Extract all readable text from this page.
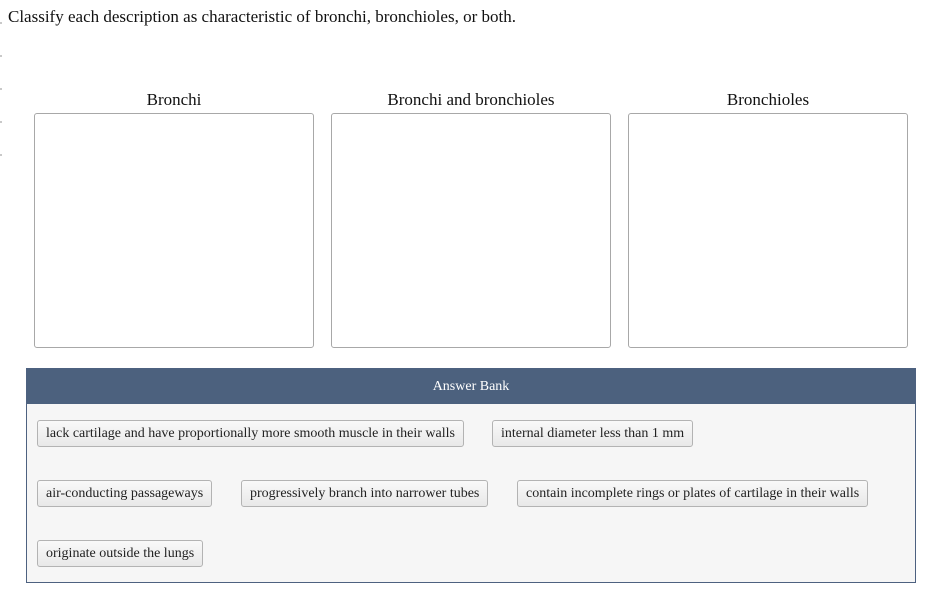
Classify each description as characteristic of bronchi, bronchioles, or both.
Bronchi	Bronchi and bronchioles	Bronchioles
Answer Bank
lack cartilage and have proportionally more smooth muscle in their walls	internal diameter less than 1 mm
air-conducting passageways	progressively branch into narrower tubes	contain incomplete rings or plates of cartilage in their walls
originate outside the lungs
